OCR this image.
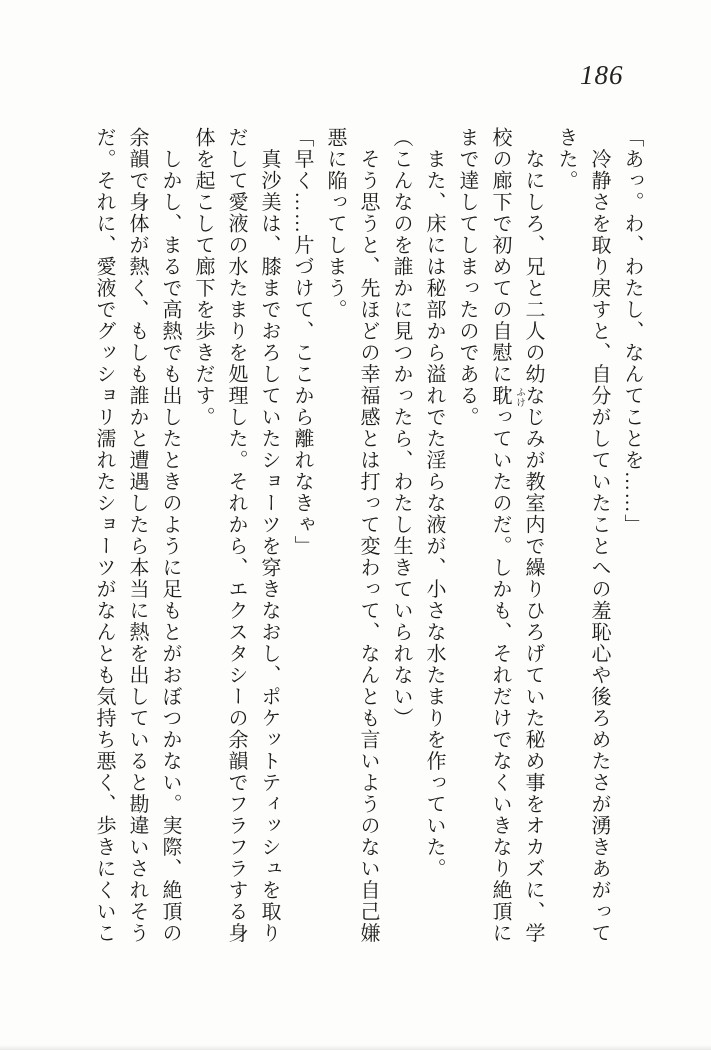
186
「あっ。わ、わたし、なんてことを……」
　冷静さを取り戻すと、自分がしていたことへの羞恥心や後ろめたさが湧きあがって
きた。
　なにしろ、兄と二人の幼なじみが教室内で繰りひろげていた秘め事をオカズに、学
校の廊下で初めての自慰に耽 ふけ
っていたのだ。しかも、それだけでなくいきなり絶頂に
まで達してしまったのである。
　また、床には秘部から溢れでた淫らな液が、小さな水たまりを作っていた。
（こんなのを誰かに見つかったら、わたし生きていられない）
　そう思うと、先ほどの幸福感とは打って変わって、なんとも言いようのない自己嫌
悪に陥ってしまう。
「早く……片づけて、ここから離れなきゃ」
　真沙美は、膝までおろしていたショーツを穿きなおし、ポケットティッシュを取り
だして愛液の水たまりを処理した。それから、エクスタシーの余韻でフラフラする身
体を起こして廊下を歩きだす。
　しかし、まるで高熱でも出したときのように足もとがおぼつかない。実際、絶頂の
余韻で身体が熱く、もしも誰かと遭遇したら本当に熱を出していると勘違いされそう
だ。それに、愛液でグッショリ濡れたショーツがなんとも気持ち悪く、歩きにくいこ
